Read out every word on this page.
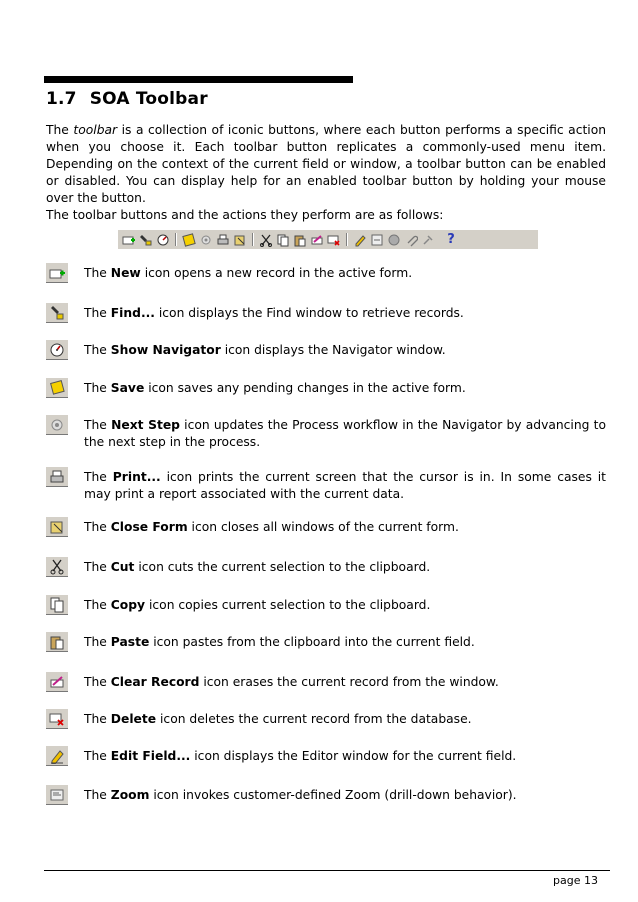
1.7 SOA Toolbar

The toolbar is a collection of iconic buttons, where each button performs a specific action when you choose it. Each toolbar button replicates a commonly-used menu item. Depending on the context of the current field or window, a toolbar button can be enabled or disabled. You can display help for an enabled toolbar button by holding your mouse over the button.

The toolbar buttons and the actions they perform are as follows:

?
The New icon opens a new record in the active form.
The Find... icon displays the Find window to retrieve records.
The Show Navigator icon displays the Navigator window.
The Save icon saves any pending changes in the active form.
The Next Step icon updates the Process workflow in the Navigator by advancing to the next step in the process.
The Print... icon prints the current screen that the cursor is in. In some cases it may print a report associated with the current data.
The Close Form icon closes all windows of the current form.
The Cut icon cuts the current selection to the clipboard.
The Copy icon copies current selection to the clipboard.
The Paste icon pastes from the clipboard into the current field.
The Clear Record icon erases the current record from the window.
The Delete icon deletes the current record from the database.
The Edit Field... icon displays the Editor window for the current field.
The Zoom icon invokes customer-defined Zoom (drill-down behavior).
page 13
